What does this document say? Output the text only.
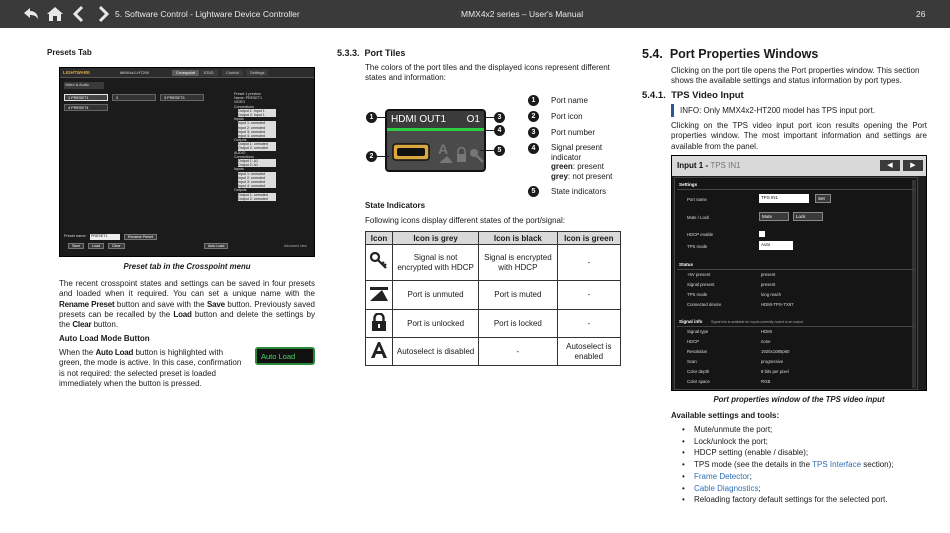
5. Software Control - Lightware Device Controller	MMX4x2 series – User's Manual	26
Presets Tab
LIGHTWARE	MMX4x2-HT200	Crosspoint	EDID	Control	Settings
Video & Audio
1 PRESET1	2	3 PRESET3
4 PRESET4
Preset 1 preview
Name: PRESET1
VIDEO
Connections
Output 1: Input 1
Output 2: Input 1
Inputs
Input 1: unmuted
Input 2: unmuted
Input 3: unmuted
Input 4: unmuted
Outputs
Output 1: unmuted
Output 2: unmuted
AUDIO
Connections
Output 1: A1
Output 2: A1
Inputs
Input 1: unmuted
Input 2: unmuted
Input 3: unmuted
Input 4: unmuted
Outputs
Output 1: unmuted
Output 2: unmuted
Preset name: PRESET1	Rename Preset
Save	Load	Clear	Auto Load	Advanced view
Preset tab in the Crosspoint menu

The recent crosspoint states and settings can be saved in four presets and loaded when it required. You can set a unique name with the Rename Preset button and save with the Save button. Previously saved presets can be recalled by the Load button and delete the settings by the Clear button.

Auto Load Mode Button

When the Auto Load button is highlighted with green, the mode is active. In this case, confirmation is not required: the selected preset is loaded immediately when the button is pressed.

Auto Load
5.3.3. Port Tiles

The colors of the port tiles and the displayed icons represent different states and information:

HDMI OUT1	O1
A
1
2
3
4
5
1	Port name
2	Port icon
3	Port number
4	Signal present indicator
green: present
grey: not present
5	State indicators
State Indicators
Following icons display different states of the port/signal:
Icon	Icon is grey	Icon is black	Icon is green
	Signal is not encrypted with HDCP	Signal is encrypted with HDCP	-
	Port is unmuted	Port is muted	-
	Port is unlocked	Port is locked	-
	Autoselect is disabled	-	Autoselect is enabled
5.4. Port Properties Windows

Clicking on the port tile opens the Port properties window. This section shows the available settings and status information by port types.

5.4.1. TPS Video Input
INFO: Only MMX4x2-HT200 model has TPS input port.

Clicking on the TPS video input port icon results opening the Port properties window. The most important information and settings are available from the panel.

Input 1 - TPS IN1	◀	▶
Settings
Port name	TPS IN1	Set
Mute / Lock	Mute	Lock
HDCP enable
TPS mode	Auto
Status
+5V present	present
Signal present	present
TPS mode	long reach
Connected device	HDMI-TPS-TX97
Signal info	Signal info is available for inputs currently routed to an output.
Signal type	HDMI
HDCP	none
Resolution	1920x1080p60
Scan	progressive
Color depth	8 bits per pixel
Color space	RGB
Port properties window of the TPS video input
Available settings and tools:
• Mute/unmute the port;
• Lock/unlock the port;
• HDCP setting (enable / disable);
• TPS mode (see the details in the TPS Interface section);
• Frame Detector;
• Cable Diagnostics;
• Reloading factory default settings for the selected port.
